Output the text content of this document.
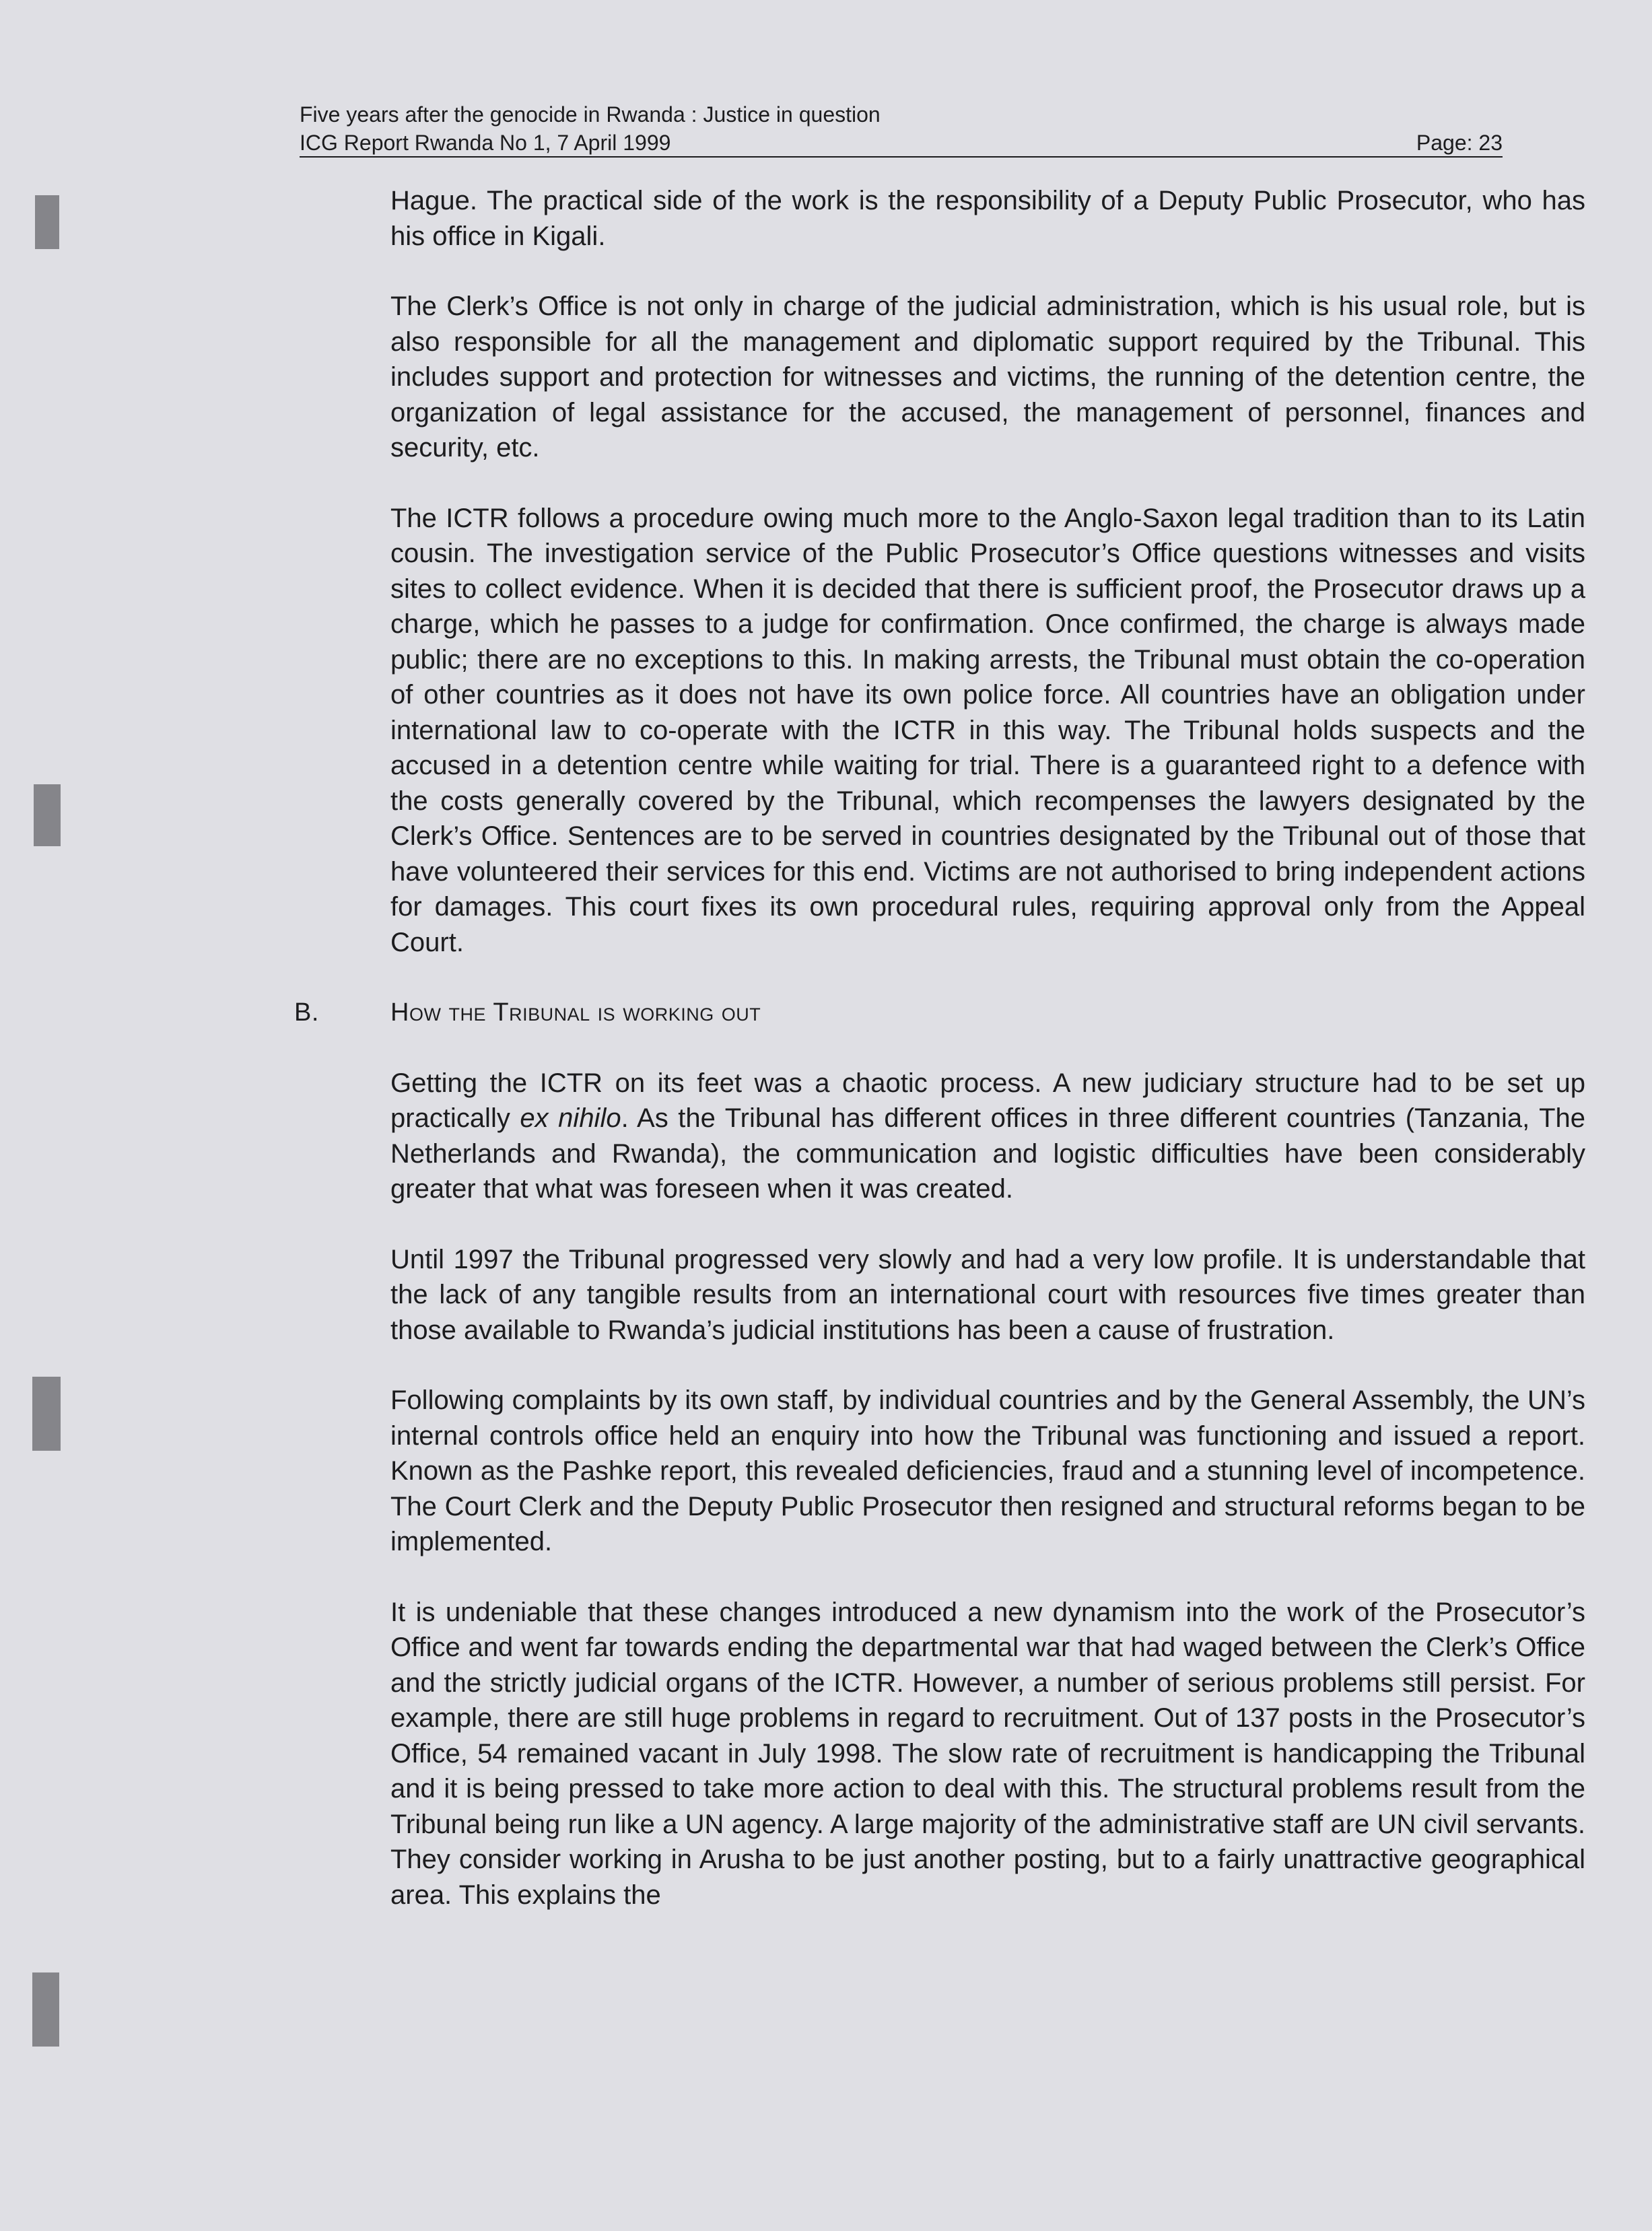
Five years after the genocide in Rwanda : Justice in question
ICG Report Rwanda No 1, 7 April 1999	Page: 23

Hague. The practical side of the work is the responsibility of a Deputy Public Prosecutor, who has his office in Kigali.

The Clerk’s Office is not only in charge of the judicial administration, which is his usual role, but is also responsible for all the management and diplomatic support required by the Tribunal. This includes support and protection for witnesses and victims, the running of the detention centre, the organization of legal assistance for the accused, the management of personnel, finances and security, etc.

The ICTR follows a procedure owing much more to the Anglo-Saxon legal tradition than to its Latin cousin. The investigation service of the Public Prosecutor’s Office questions witnesses and visits sites to collect evidence. When it is decided that there is sufficient proof, the Prosecutor draws up a charge, which he passes to a judge for confirmation. Once confirmed, the charge is always made public; there are no exceptions to this. In making arrests, the Tribunal must obtain the co-operation of other countries as it does not have its own police force. All countries have an obligation under international law to co-operate with the ICTR in this way. The Tribunal holds suspects and the accused in a detention centre while waiting for trial. There is a guaranteed right to a defence with the costs generally covered by the Tribunal, which recompenses the lawyers designated by the Clerk’s Office. Sentences are to be served in countries designated by the Tribunal out of those that have volunteered their services for this end. Victims are not authorised to bring independent actions for damages. This court fixes its own procedural rules, requiring approval only from the Appeal Court.

B.	How the Tribunal is working out

Getting the ICTR on its feet was a chaotic process. A new judiciary structure had to be set up practically ex nihilo. As the Tribunal has different offices in three different countries (Tanzania, The Netherlands and Rwanda), the communication and logistic difficulties have been considerably greater that what was foreseen when it was created.

Until 1997 the Tribunal progressed very slowly and had a very low profile. It is understandable that the lack of any tangible results from an international court with resources five times greater than those available to Rwanda’s judicial institutions has been a cause of frustration.

Following complaints by its own staff, by individual countries and by the General Assembly, the UN’s internal controls office held an enquiry into how the Tribunal was functioning and issued a report. Known as the Pashke report, this revealed deficiencies, fraud and a stunning level of incompetence. The Court Clerk and the Deputy Public Prosecutor then resigned and structural reforms began to be implemented.

It is undeniable that these changes introduced a new dynamism into the work of the Prosecutor’s Office and went far towards ending the departmental war that had waged between the Clerk’s Office and the strictly judicial organs of the ICTR. However, a number of serious problems still persist. For example, there are still huge problems in regard to recruitment. Out of 137 posts in the Prosecutor’s Office, 54 remained vacant in July 1998. The slow rate of recruitment is handicapping the Tribunal and it is being pressed to take more action to deal with this. The structural problems result from the Tribunal being run like a UN agency. A large majority of the administrative staff are UN civil servants. They consider working in Arusha to be just another posting, but to a fairly unattractive geographical area. This explains the
